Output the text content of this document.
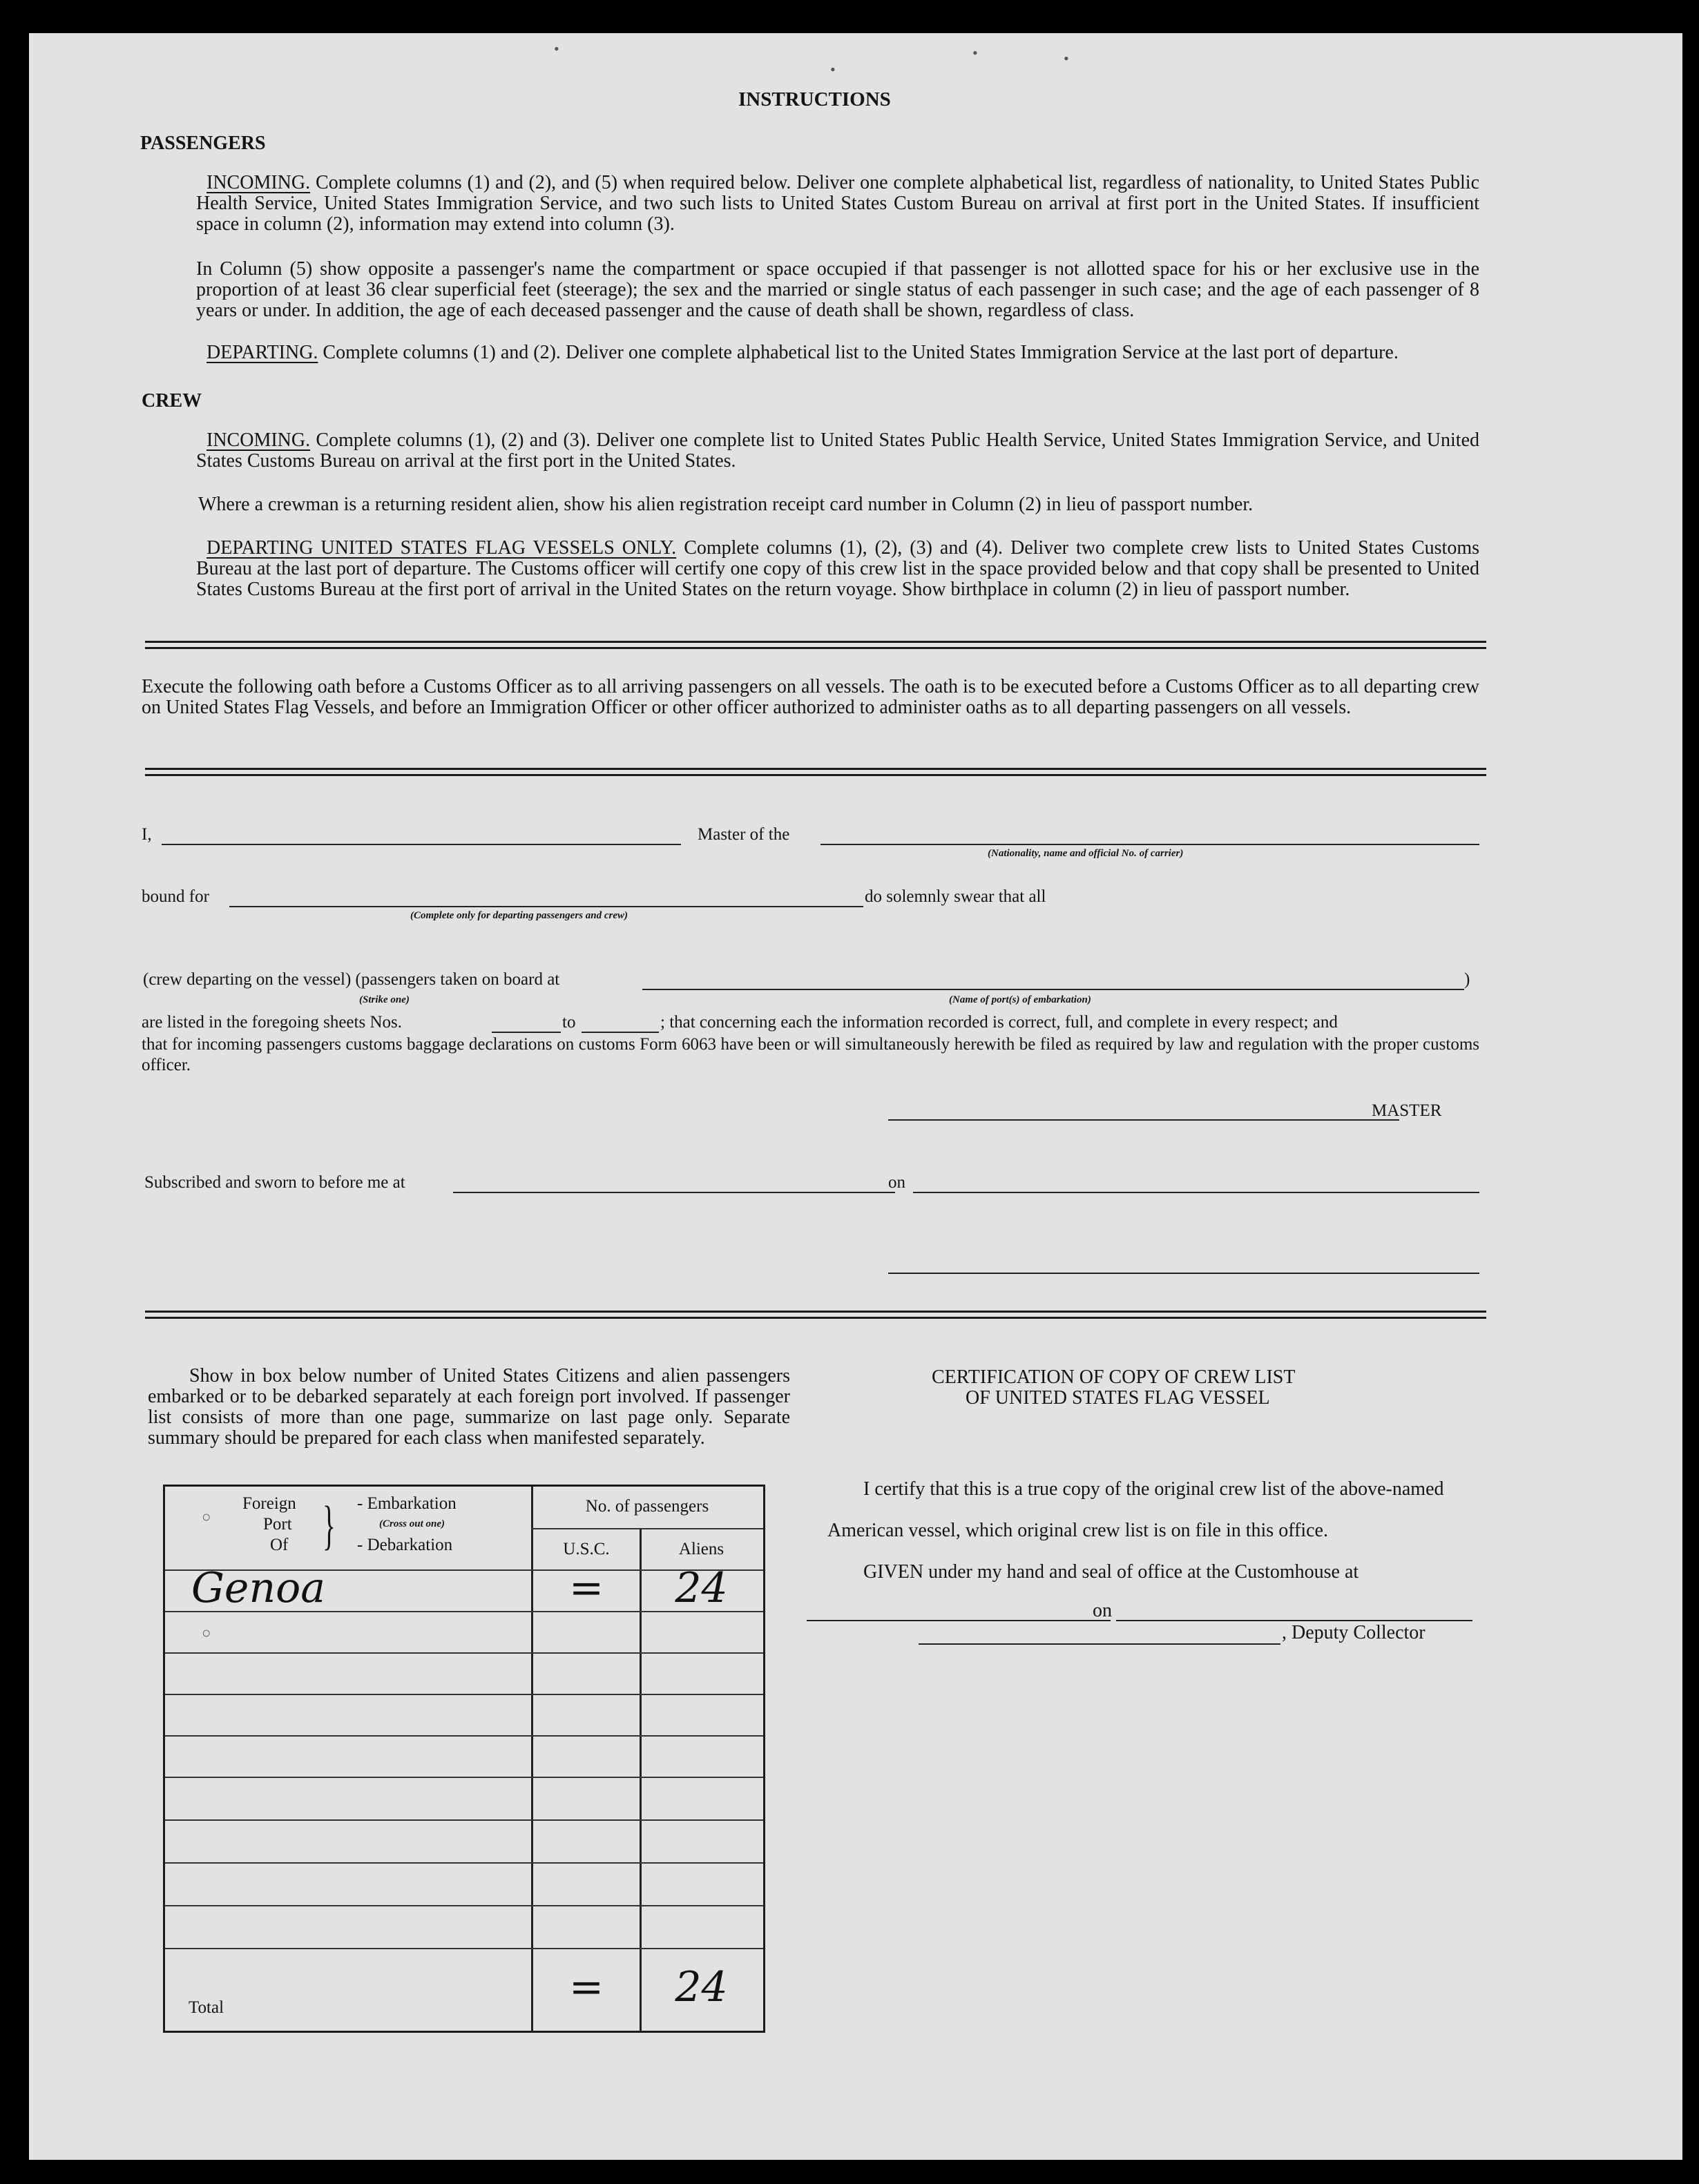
INSTRUCTIONS
PASSENGERS
INCOMING. Complete columns (1) and (2), and (5) when required below. Deliver one complete alphabetical list, regardless of nationality, to United States Public Health Service, United States Immigration Service, and two such lists to United States Custom Bureau on arrival at first port in the United States. If insufficient space in column (2), information may extend into column (3).
In Column (5) show opposite a passenger's name the compartment or space occupied if that passenger is not allotted space for his or her exclusive use in the proportion of at least 36 clear superficial feet (steerage); the sex and the married or single status of each passenger in such case; and the age of each passenger of 8 years or under. In addition, the age of each deceased passenger and the cause of death shall be shown, regardless of class.
DEPARTING. Complete columns (1) and (2). Deliver one complete alphabetical list to the United States Immigration Service at the last port of departure.
CREW
INCOMING. Complete columns (1), (2) and (3). Deliver one complete list to United States Public Health Service, United States Immigration Service, and United States Customs Bureau on arrival at the first port in the United States.
Where a crewman is a returning resident alien, show his alien registration receipt card number in Column (2) in lieu of passport number.
DEPARTING UNITED STATES FLAG VESSELS ONLY. Complete columns (1), (2), (3) and (4). Deliver two complete crew lists to United States Customs Bureau at the last port of departure. The Customs officer will certify one copy of this crew list in the space provided below and that copy shall be presented to United States Customs Bureau at the first port of arrival in the United States on the return voyage. Show birthplace in column (2) in lieu of passport number.
Execute the following oath before a Customs Officer as to all arriving passengers on all vessels. The oath is to be executed before a Customs Officer as to all departing crew on United States Flag Vessels, and before an Immigration Officer or other officer authorized to administer oaths as to all departing passengers on all vessels.
I,	Master of the
(Nationality, name and official No. of carrier)
bound for
(Complete only for departing passengers and crew)
do solemnly swear that all
(crew departing on the vessel) (passengers taken on board at	)
(Strike one)	(Name of port(s) of embarkation)
are listed in the foregoing sheets Nos.	to	; that concerning each the information recorded is correct, full, and complete in every respect; and
that for incoming passengers customs baggage declarations on customs Form 6063 have been or will simultaneously herewith be filed as required by law and regulation with the proper customs officer.
MASTER
Subscribed and sworn to before me at	on
Show in box below number of United States Citizens and alien passengers embarked or to be debarked separately at each foreign port involved. If passenger list consists of more than one page, summarize on last page only. Separate summary should be prepared for each class when manifested separately.
Foreign
Port
Of } - Embarkation
(Cross out one)
- Debarkation
No. of passengers
U.S.C.	Aliens
Genoa	=	24
Total	=	24
CERTIFICATION OF COPY OF CREW LIST
OF UNITED STATES FLAG VESSEL
I certify that this is a true copy of the original crew list of the above-named
American vessel, which original crew list is on file in this office.
GIVEN under my hand and seal of office at the Customhouse at
on
, Deputy Collector
•
•
•	•
○
○
